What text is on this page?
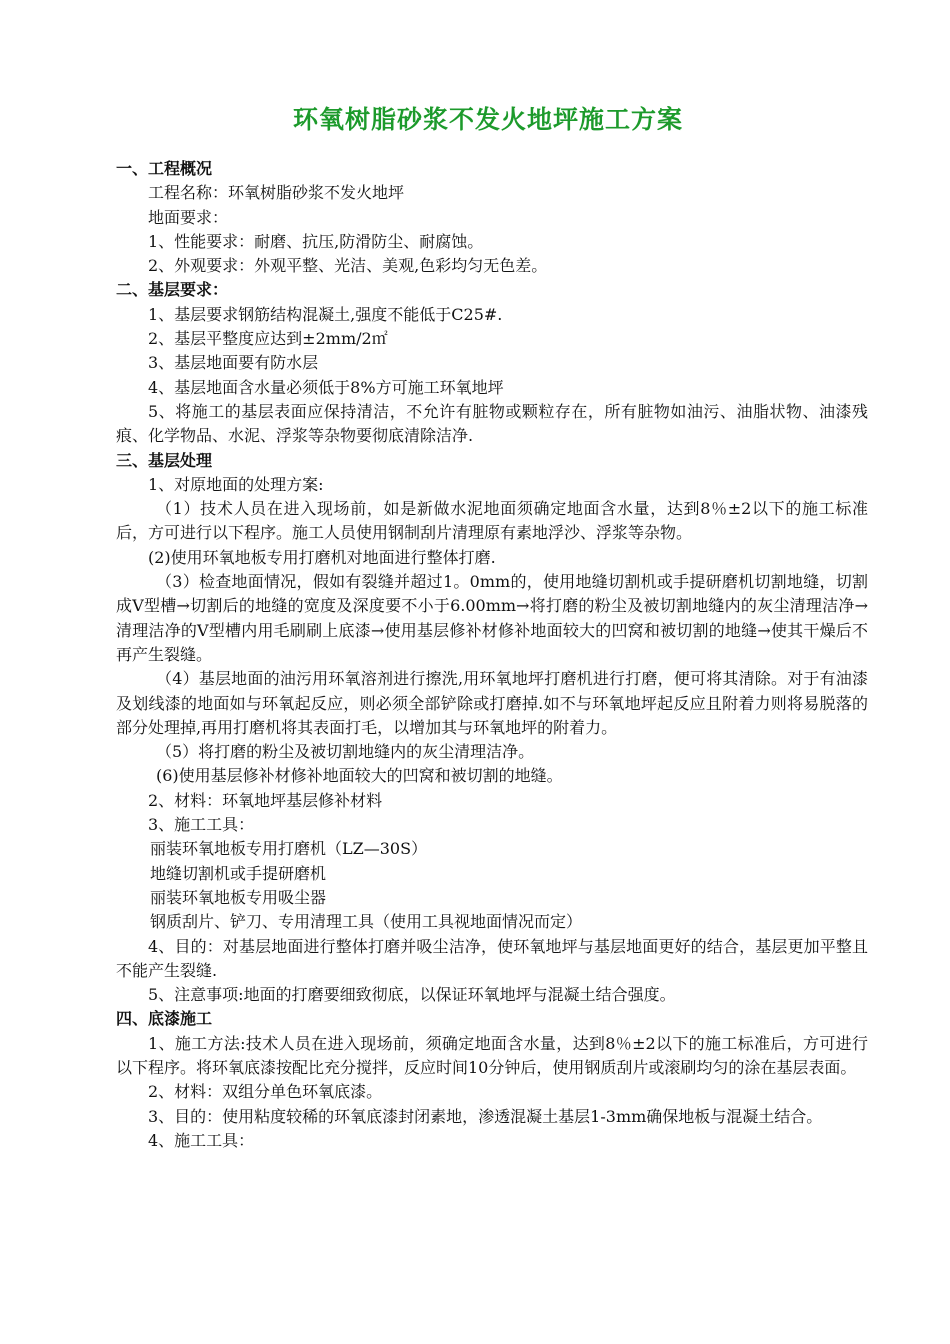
环氧树脂砂浆不发火地坪施工方案

一、工程概况

工程名称：环氧树脂砂浆不发火地坪

地面要求：

1、性能要求：耐磨、抗压,防滑防尘、耐腐蚀。

2、外观要求：外观平整、光洁、美观,色彩均匀无色差。

二、基层要求：

1、基层要求钢筋结构混凝土,强度不能低于C25#.

2、基层平整度应达到±2mm/2㎡

3、基层地面要有防水层

4、基层地面含水量必须低于8%方可施工环氧地坪

5、将施工的基层表面应保持清洁，不允许有脏物或颗粒存在，所有脏物如油污、油脂状物、油漆残痕、化学物品、水泥、浮浆等杂物要彻底清除洁净.

三、基层处理

1、对原地面的处理方案:

（1）技术人员在进入现场前，如是新做水泥地面须确定地面含水量，达到8％±2以下的施工标准后，方可进行以下程序。施工人员使用钢制刮片清理原有素地浮沙、浮浆等杂物。

(2)使用环氧地板专用打磨机对地面进行整体打磨.

（3）检查地面情况，假如有裂缝并超过1。0mm的，使用地缝切割机或手提研磨机切割地缝，切割成Ⅴ型槽→切割后的地缝的宽度及深度要不小于6.00mm→将打磨的粉尘及被切割地缝内的灰尘清理洁净→清理洁净的Ⅴ型槽内用毛刷刷上底漆→使用基层修补材修补地面较大的凹窝和被切割的地缝→使其干燥后不再产生裂缝。

（4）基层地面的油污用环氧溶剂进行擦洗,用环氧地坪打磨机进行打磨，便可将其清除。对于有油漆及划线漆的地面如与环氧起反应，则必须全部铲除或打磨掉.如不与环氧地坪起反应且附着力则将易脱落的部分处理掉,再用打磨机将其表面打毛，以增加其与环氧地坪的附着力。

（5）将打磨的粉尘及被切割地缝内的灰尘清理洁净。

(6)使用基层修补材修补地面较大的凹窝和被切割的地缝。

2、材料：环氧地坪基层修补材料

3、施工工具：

丽装环氧地板专用打磨机（LZ—30S）

地缝切割机或手提研磨机

丽装环氧地板专用吸尘器

钢质刮片、铲刀、专用清理工具（使用工具视地面情况而定）

4、目的：对基层地面进行整体打磨并吸尘洁净，使环氧地坪与基层地面更好的结合，基层更加平整且不能产生裂缝.

5、注意事项:地面的打磨要细致彻底，以保证环氧地坪与混凝土结合强度。

四、底漆施工

1、施工方法:技术人员在进入现场前，须确定地面含水量，达到8％±2以下的施工标准后，方可进行以下程序。将环氧底漆按配比充分搅拌，反应时间10分钟后，使用钢质刮片或滚刷均匀的涂在基层表面。

2、材料：双组分单色环氧底漆。

3、目的：使用粘度较稀的环氧底漆封闭素地，渗透混凝土基层1-3mm确保地板与混凝土结合。

4、施工工具：
